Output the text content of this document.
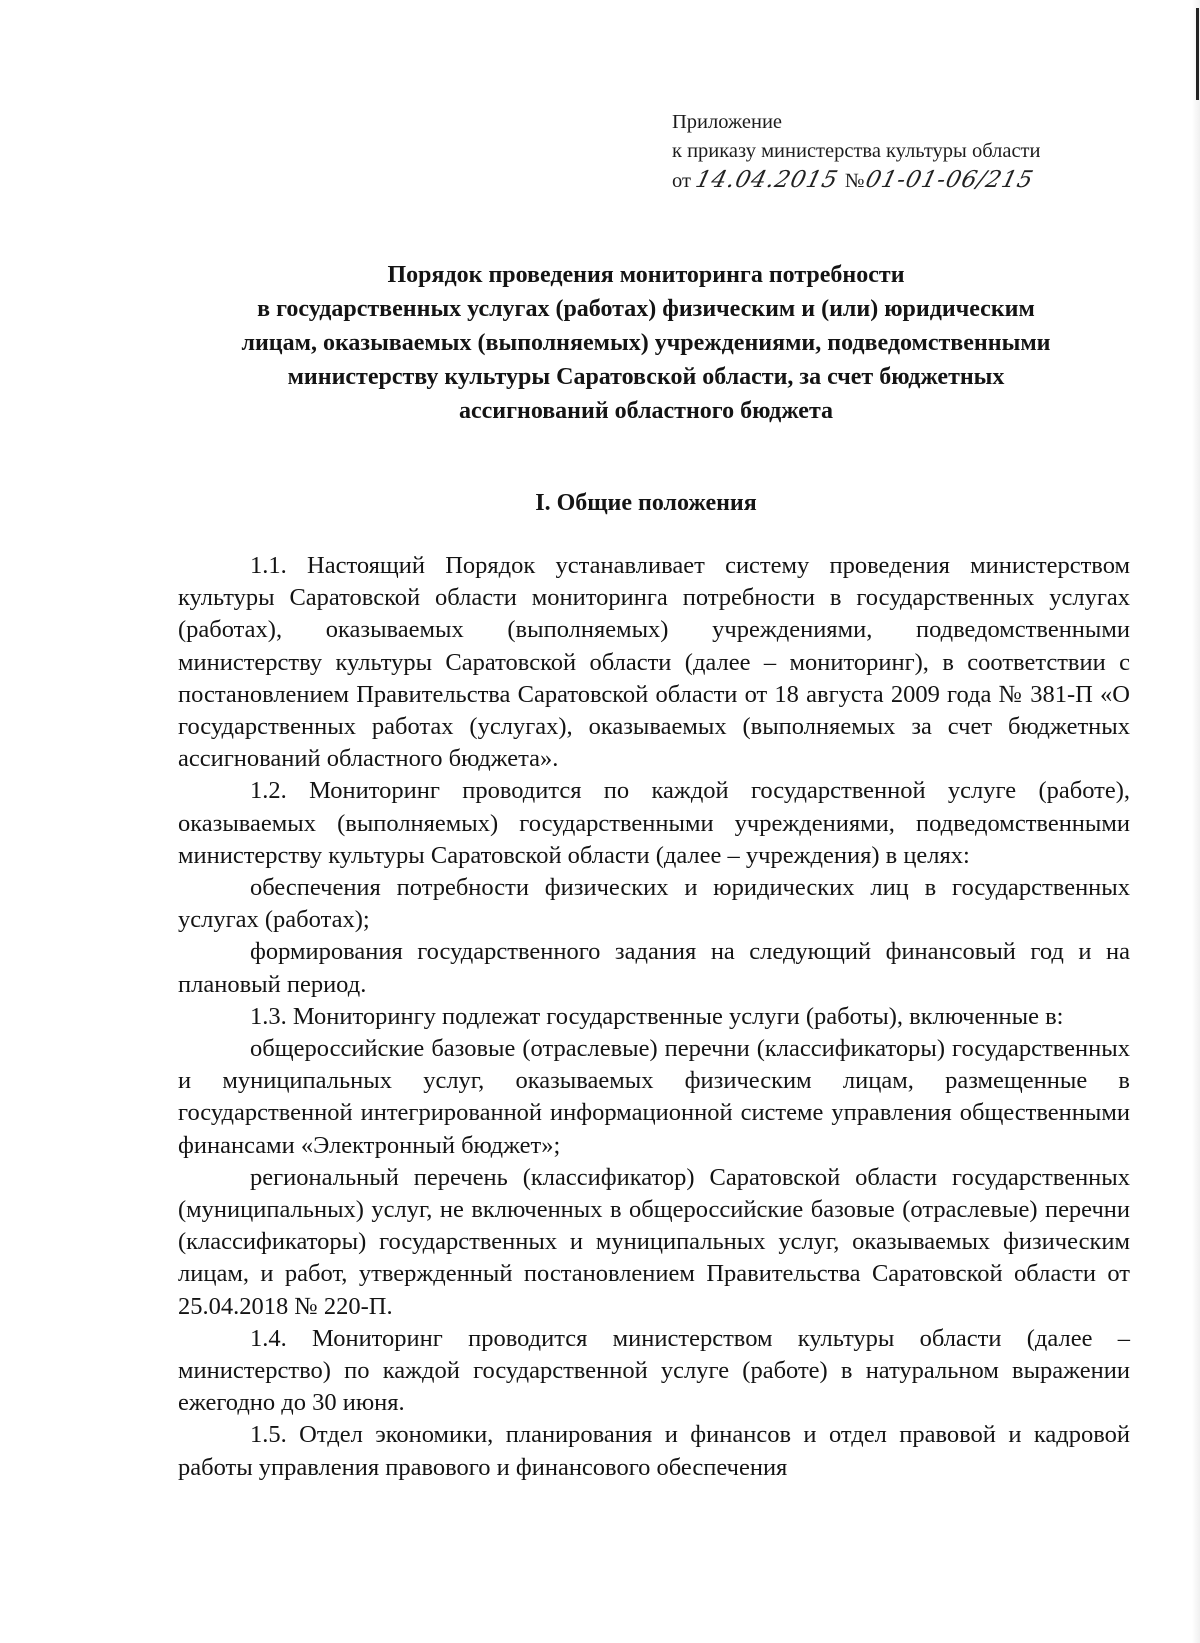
Приложение
к приказу министерства культуры области
от 14.04.2015 №01-01-06/215
Порядок проведения мониторинга потребности
в государственных услугах (работах) физическим и (или) юридическим
лицам, оказываемых (выполняемых) учреждениями, подведомственными
министерству культуры Саратовской области, за счет бюджетных
ассигнований областного бюджета
I. Общие положения

1.1. Настоящий Порядок устанавливает систему проведения министерством культуры Саратовской области мониторинга потребности в государственных услугах (работах), оказываемых (выполняемых) учреждениями, подведомственными министерству культуры Саратовской области (далее – мониторинг), в соответствии с постановлением Правительства Саратовской области от 18 августа 2009 года № 381-П «О государственных работах (услугах), оказываемых (выполняемых за счет бюджетных ассигнований областного бюджета».

1.2. Мониторинг проводится по каждой государственной услуге (работе), оказываемых (выполняемых) государственными учреждениями, подведомственными министерству культуры Саратовской области (далее – учреждения) в целях:

обеспечения потребности физических и юридических лиц в государственных услугах (работах);

формирования государственного задания на следующий финансовый год и на плановый период.

1.3. Мониторингу подлежат государственные услуги (работы), включенные в:

общероссийские базовые (отраслевые) перечни (классификаторы) государственных и муниципальных услуг, оказываемых физическим лицам, размещенные в государственной интегрированной информационной системе управления общественными финансами «Электронный бюджет»;

региональный перечень (классификатор) Саратовской области государственных (муниципальных) услуг, не включенных в общероссийские базовые (отраслевые) перечни (классификаторы) государственных и муниципальных услуг, оказываемых физическим лицам, и работ, утвержденный постановлением Правительства Саратовской области от 25.04.2018 № 220-П.

1.4. Мониторинг проводится министерством культуры области (далее – министерство) по каждой государственной услуге (работе) в натуральном выражении ежегодно до 30 июня.

1.5. Отдел экономики, планирования и финансов и отдел правовой и кадровой работы управления правового и финансового обеспечения
